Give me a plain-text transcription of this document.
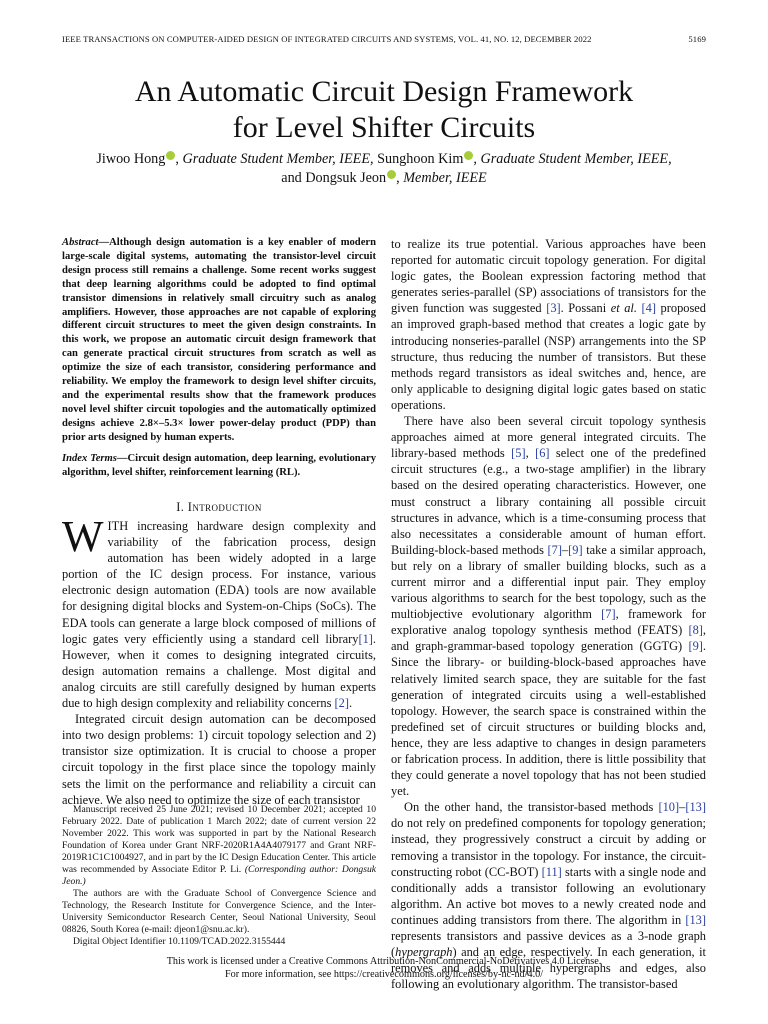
IEEE TRANSACTIONS ON COMPUTER-AIDED DESIGN OF INTEGRATED CIRCUITS AND SYSTEMS, VOL. 41, NO. 12, DECEMBER 2022	5169
An Automatic Circuit Design Framework
for Level Shifter Circuits
Jiwoo Hong , Graduate Student Member, IEEE, Sunghoon Kim , Graduate Student Member, IEEE,
and Dongsuk Jeon , Member, IEEE
Abstract—Although design automation is a key enabler of modern large-scale digital systems, automating the transistor-level circuit design process still remains a challenge. Some recent works suggest that deep learning algorithms could be adopted to find optimal transistor dimensions in relatively small circuitry such as analog amplifiers. However, those approaches are not capable of exploring different circuit structures to meet the given design constraints. In this work, we propose an automatic circuit design framework that can generate practical circuit structures from scratch as well as optimize the size of each transistor, considering performance and reliability. We employ the framework to design level shifter circuits, and the experimental results show that the framework produces novel level shifter circuit topologies and the automatically optimized designs achieve 2.8×–5.3× lower power-delay product (PDP) than prior arts designed by human experts.
Index Terms—Circuit design automation, deep learning, evolutionary algorithm, level shifter, reinforcement learning (RL).
I. Introduction

WITH increasing hardware design complexity and variability of the fabrication process, design automation has been widely adopted in a large portion of the IC design process. For instance, various electronic design automation (EDA) tools are now available for designing digital blocks and System-on-Chips (SoCs). The EDA tools can generate a large block composed of millions of logic gates very efficiently using a standard cell library[1]. However, when it comes to designing integrated circuits, design automation remains a challenge. Most digital and analog circuits are still carefully designed by human experts due to high design complexity and reliability concerns [2].

Integrated circuit design automation can be decomposed into two design problems: 1) circuit topology selection and 2) transistor size optimization. It is crucial to choose a proper circuit topology in the first place since the topology mainly sets the limit on the performance and reliability a circuit can achieve. We also need to optimize the size of each transistor

Manuscript received 25 June 2021; revised 10 December 2021; accepted 10 February 2022. Date of publication 1 March 2022; date of current version 22 November 2022. This work was supported in part by the National Research Foundation of Korea under Grant NRF-2020R1A4A4079177 and Grant NRF-2019R1C1C1004927, and in part by the IC Design Education Center. This article was recommended by Associate Editor P. Li. (Corresponding author: Dongsuk Jeon.)

The authors are with the Graduate School of Convergence Science and Technology, the Research Institute for Convergence Science, and the Inter-University Semiconductor Research Center, Seoul National University, Seoul 08826, South Korea (e-mail: djeon1@snu.ac.kr).

Digital Object Identifier 10.1109/TCAD.2022.3155444

to realize its true potential. Various approaches have been reported for automatic circuit topology generation. For digital logic gates, the Boolean expression factoring method that generates series-parallel (SP) associations of transistors for the given function was suggested [3]. Possani et al. [4] proposed an improved graph-based method that creates a logic gate by introducing nonseries-parallel (NSP) arrangements into the SP structure, thus reducing the number of transistors. But these methods regard transistors as ideal switches and, hence, are only applicable to designing digital logic gates based on static operations.

There have also been several circuit topology synthesis approaches aimed at more general integrated circuits. The library-based methods [5], [6] select one of the predefined circuit structures (e.g., a two-stage amplifier) in the library based on the desired operating characteristics. However, one must construct a library containing all possible circuit structures in advance, which is a time-consuming process that also necessitates a considerable amount of human effort. Building-block-based methods [7]–[9] take a similar approach, but rely on a library of smaller building blocks, such as a current mirror and a differential input pair. They employ various algorithms to search for the best topology, such as the multiobjective evolutionary algorithm [7], framework for explorative analog topology synthesis method (FEATS) [8], and graph-grammar-based topology generation (GGTG) [9]. Since the library- or building-block-based approaches have relatively limited search space, they are suitable for the fast generation of integrated circuits using a well-established topology. However, the search space is constrained within the predefined set of circuit structures or building blocks and, hence, they are less adaptive to changes in design parameters or fabrication process. In addition, there is little possibility that they could generate a novel topology that has not been studied yet.

On the other hand, the transistor-based methods [10]–[13] do not rely on predefined components for topology generation; instead, they progressively construct a circuit by adding or removing a transistor in the topology. For instance, the circuit-constructing robot (CC-BOT) [11] starts with a single node and conditionally adds a transistor following an evolutionary algorithm. An active bot moves to a newly created node and continues adding transistors from there. The algorithm in [13] represents transistors and passive devices as a 3-node graph (hypergraph) and an edge, respectively. In each generation, it removes and adds multiple hypergraphs and edges, also following an evolutionary algorithm. The transistor-based

This work is licensed under a Creative Commons Attribution-NonCommercial-NoDerivatives 4.0 License.
For more information, see https://creativecommons.org/licenses/by-nc-nd/4.0/
